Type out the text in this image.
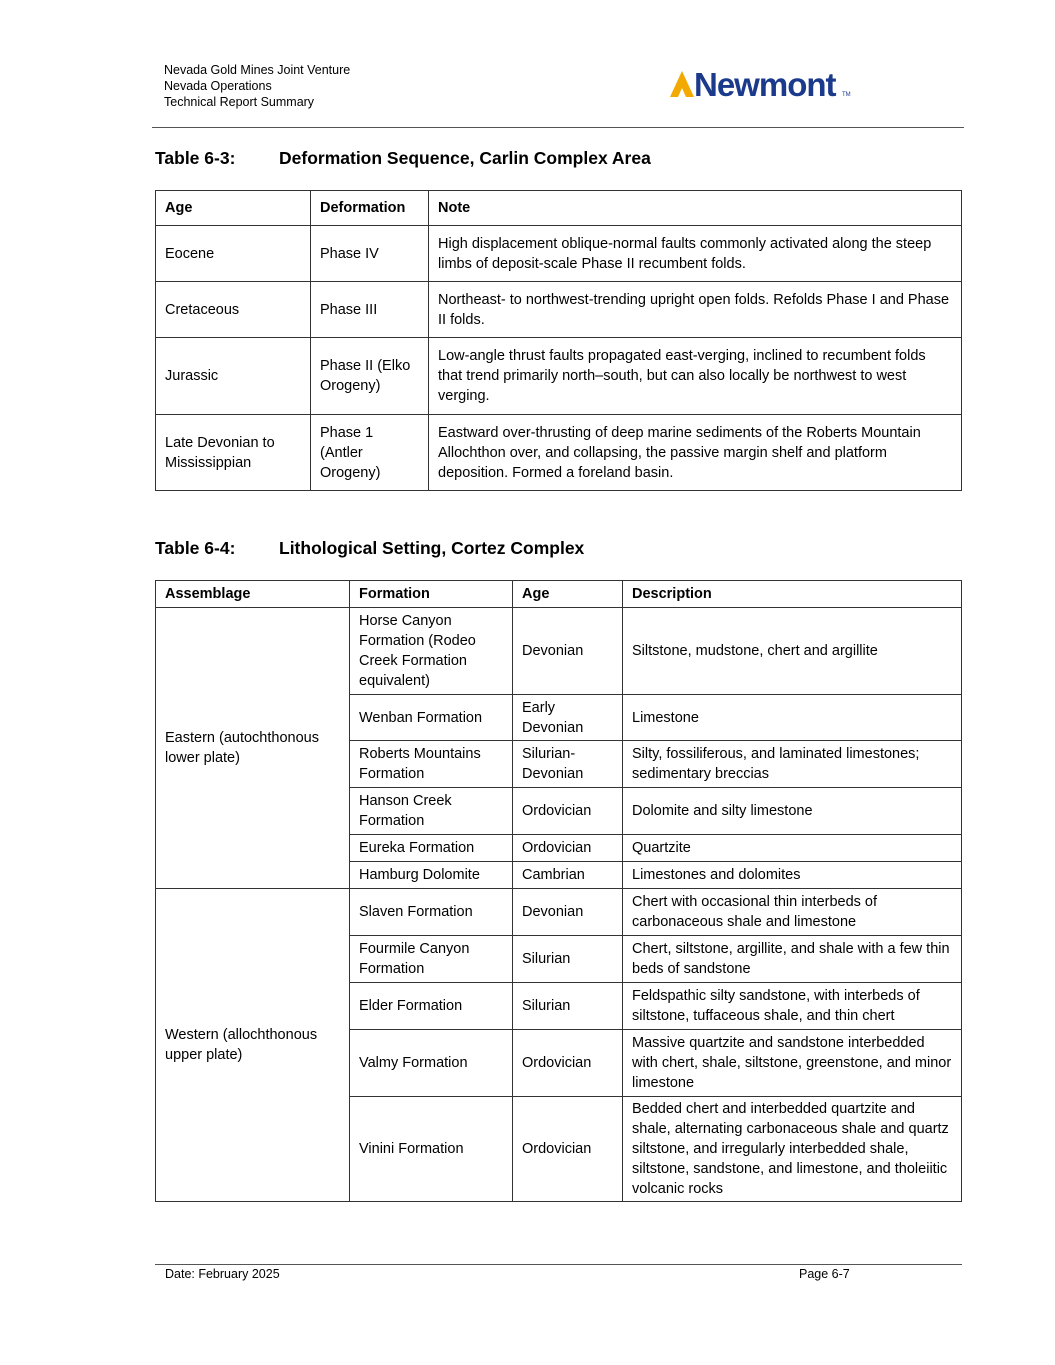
Nevada Gold Mines Joint Venture
Nevada Operations
Technical Report Summary	Newmont TM
Table 6-3: Deformation Sequence, Carlin Complex Area
Age	Deformation	Note
Eocene	Phase IV	High displacement oblique-normal faults commonly activated along the steep limbs of deposit-scale Phase II recumbent folds.
Cretaceous	Phase III	Northeast- to northwest-trending upright open folds. Refolds Phase I and Phase II folds.
Jurassic	Phase II (Elko Orogeny)	Low-angle thrust faults propagated east-verging, inclined to recumbent folds that trend primarily north–south, but can also locally be northwest to west verging.
Late Devonian to Mississippian	Phase 1 (Antler Orogeny)	Eastward over-thrusting of deep marine sediments of the Roberts Mountain Allochthon over, and collapsing, the passive margin shelf and platform deposition. Formed a foreland basin.
Table 6-4: Lithological Setting, Cortez Complex
Assemblage	Formation	Age	Description
Eastern (autochthonous lower plate)	Horse Canyon Formation (Rodeo Creek Formation equivalent)	Devonian	Siltstone, mudstone, chert and argillite
	Wenban Formation	Early Devonian	Limestone
	Roberts Mountains Formation	Silurian-Devonian	Silty, fossiliferous, and laminated limestones; sedimentary breccias
	Hanson Creek Formation	Ordovician	Dolomite and silty limestone
	Eureka Formation	Ordovician	Quartzite
	Hamburg Dolomite	Cambrian	Limestones and dolomites
Western (allochthonous upper plate)	Slaven Formation	Devonian	Chert with occasional thin interbeds of carbonaceous shale and limestone
	Fourmile Canyon Formation	Silurian	Chert, siltstone, argillite, and shale with a few thin beds of sandstone
	Elder Formation	Silurian	Feldspathic silty sandstone, with interbeds of siltstone, tuffaceous shale, and thin chert
	Valmy Formation	Ordovician	Massive quartzite and sandstone interbedded with chert, shale, siltstone, greenstone, and minor limestone
	Vinini Formation	Ordovician	Bedded chert and interbedded quartzite and shale, alternating carbonaceous shale and quartz siltstone, and irregularly interbedded shale, siltstone, sandstone, and limestone, and tholeiitic volcanic rocks
Date: February 2025	Page 6-7
